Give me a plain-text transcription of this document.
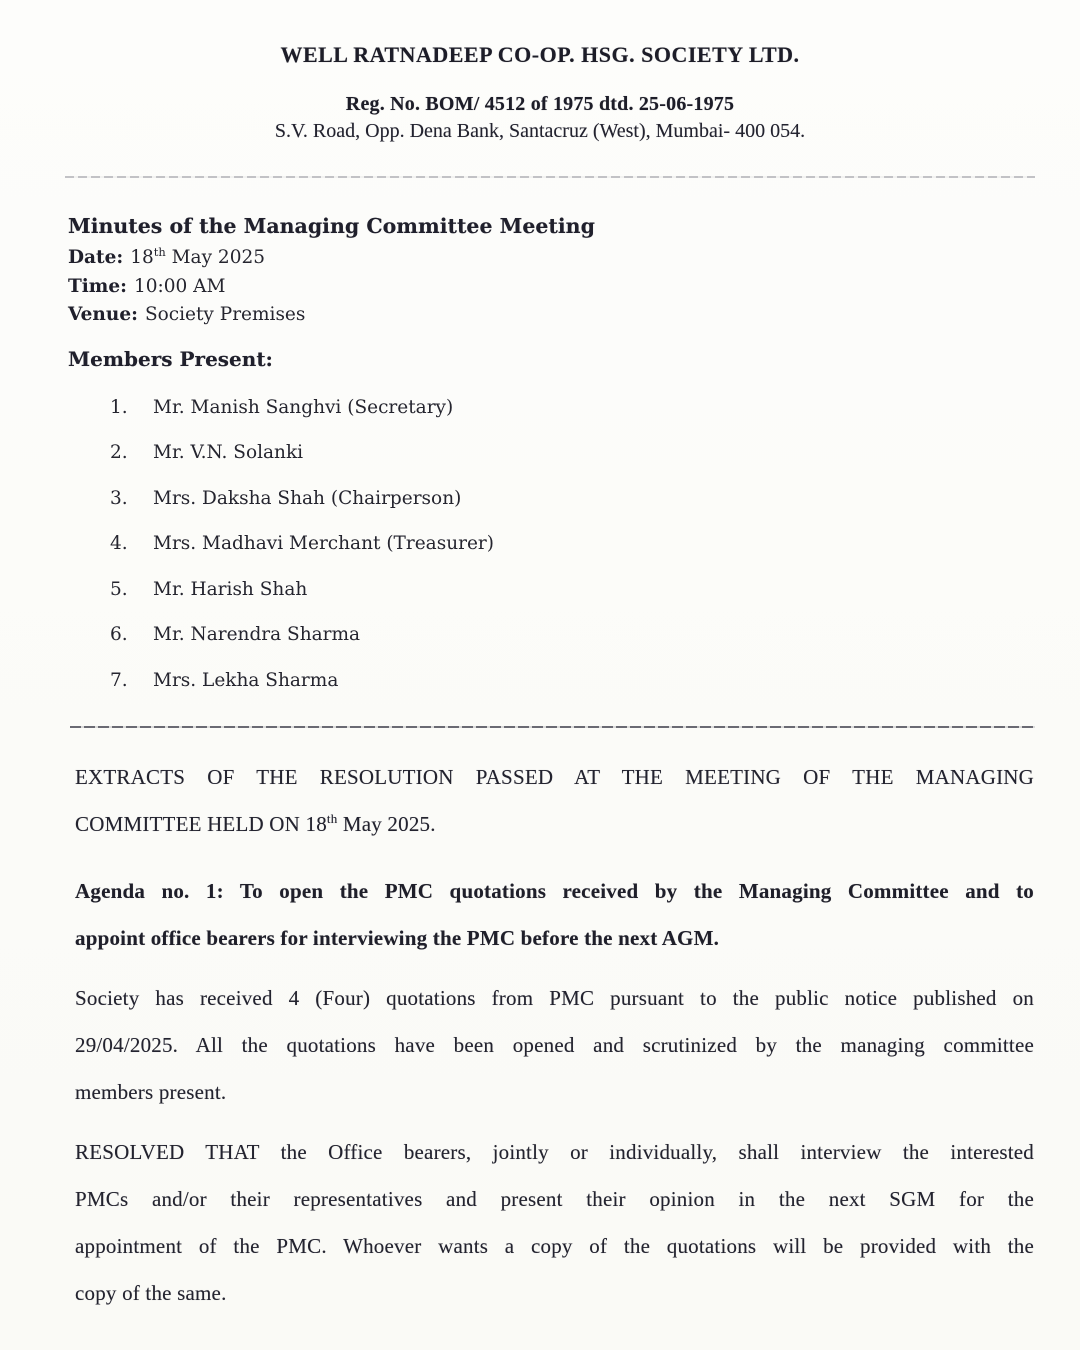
WELL RATNADEEP CO-OP. HSG. SOCIETY LTD.
Reg. No. BOM/ 4512 of 1975 dtd. 25-06-1975
S.V. Road, Opp. Dena Bank, Santacruz (West), Mumbai- 400 054.
Minutes of the Managing Committee Meeting
Date: 18th May 2025
Time: 10:00 AM
Venue: Society Premises
Members Present:
1.	Mr. Manish Sanghvi (Secretary)
2.	Mr. V.N. Solanki
3.	Mrs. Daksha Shah (Chairperson)
4.	Mrs. Madhavi Merchant (Treasurer)
5.	Mr. Harish Shah
6.	Mr. Narendra Sharma
7.	Mrs. Lekha Sharma
EXTRACTS OF THE RESOLUTION PASSED AT THE MEETING OF THE MANAGING
COMMITTEE HELD ON 18th May 2025.
Agenda no. 1: To open the PMC quotations received by the Managing Committee and to
appoint office bearers for interviewing the PMC before the next AGM.
Society has received 4 (Four) quotations from PMC pursuant to the public notice published on
29/04/2025. All the quotations have been opened and scrutinized by the managing committee
members present.
RESOLVED THAT the Office bearers, jointly or individually, shall interview the interested
PMCs and/or their representatives and present their opinion in the next SGM for the
appointment of the PMC. Whoever wants a copy of the quotations will be provided with the
copy of the same.
